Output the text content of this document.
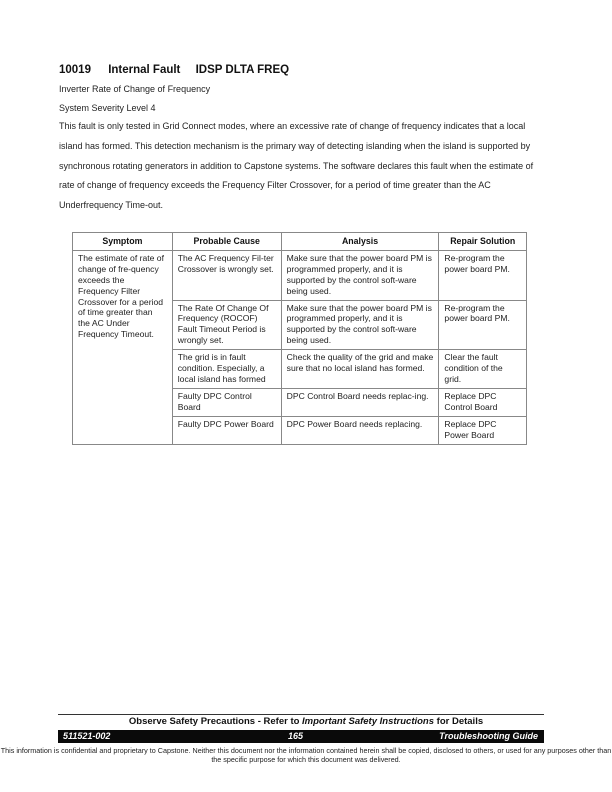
10019 Internal Fault IDSP DLTA FREQ
Inverter Rate of Change of Frequency
System Severity Level 4
This fault is only tested in Grid Connect modes, where an excessive rate of change of frequency indicates that a local island has formed. This detection mechanism is the primary way of detecting islanding when the island is supported by synchronous rotating generators in addition to Capstone systems. The software declares this fault when the estimate of rate of change of frequency exceeds the Frequency Filter Crossover, for a period of time greater than the AC Underfrequency Time-out.
Symptom	Probable Cause	Analysis	Repair Solution
The estimate of rate of change of fre-quency exceeds the Frequency Filter Crossover for a period of time greater than the AC Under Frequency Timeout.	The AC Frequency Fil-ter Crossover is wrongly set.	Make sure that the power board PM is programmed properly, and it is supported by the control soft-ware being used.	Re-program the power board PM.
	The Rate Of Change Of Frequency (ROCOF) Fault Timeout Period is wrongly set.	Make sure that the power board PM is programmed properly, and it is supported by the control soft-ware being used.	Re-program the power board PM.
	The grid is in fault condition. Especially, a local island has formed	Check the quality of the grid and make sure that no local island has formed.	Clear the fault condition of the grid.
	Faulty DPC Control Board	DPC Control Board needs replac-ing.	Replace DPC Control Board
	Faulty DPC Power Board	DPC Power Board needs replacing.	Replace DPC Power Board
Observe Safety Precautions - Refer to Important Safety Instructions for Details
511521-002	165	Troubleshooting Guide
This information is confidential and proprietary to Capstone. Neither this document nor the information contained herein shall be copied, disclosed to others, or used for any purposes other than the specific purpose for which this document was delivered.
